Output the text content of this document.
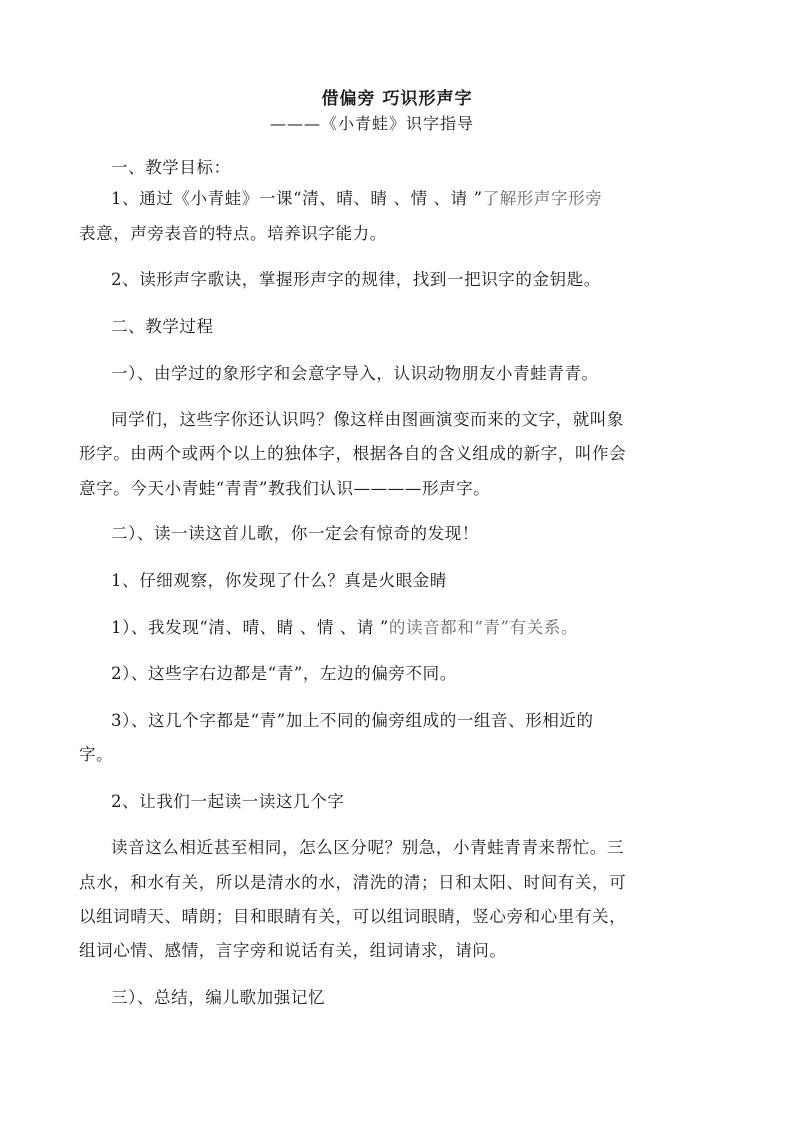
借偏旁 巧识形声字
———《小青蛙》识字指导
一、教学目标：
1、通过《小青蛙》一课“清、晴、睛 、情 、请 ”了解形声字形旁
表意，声旁表音的特点。培养识字能力。
2、读形声字歌诀，掌握形声字的规律，找到一把识字的金钥匙。
二、教学过程
一）、由学过的象形字和会意字导入，认识动物朋友小青蛙青青。
同学们，这些字你还认识吗？像这样由图画演变而来的文字，就叫象
形字。由两个或两个以上的独体字，根据各自的含义组成的新字，叫作会
意字。今天小青蛙“青青”教我们认识————形声字。
二）、读一读这首儿歌，你一定会有惊奇的发现！
1、仔细观察，你发现了什么？真是火眼金睛
1）、我发现“清、晴、睛 、情 、请 ”的读音都和“青”有关系。
2）、这些字右边都是“青”，左边的偏旁不同。
3）、这几个字都是“青”加上不同的偏旁组成的一组音、形相近的
字。
2、让我们一起读一读这几个字
读音这么相近甚至相同，怎么区分呢？别急，小青蛙青青来帮忙。三
点水，和水有关，所以是清水的水，清洗的清；日和太阳、时间有关，可
以组词晴天、晴朗；目和眼睛有关，可以组词眼睛，竖心旁和心里有关，
组词心情、感情，言字旁和说话有关，组词请求，请问。
三）、总结，编儿歌加强记忆
